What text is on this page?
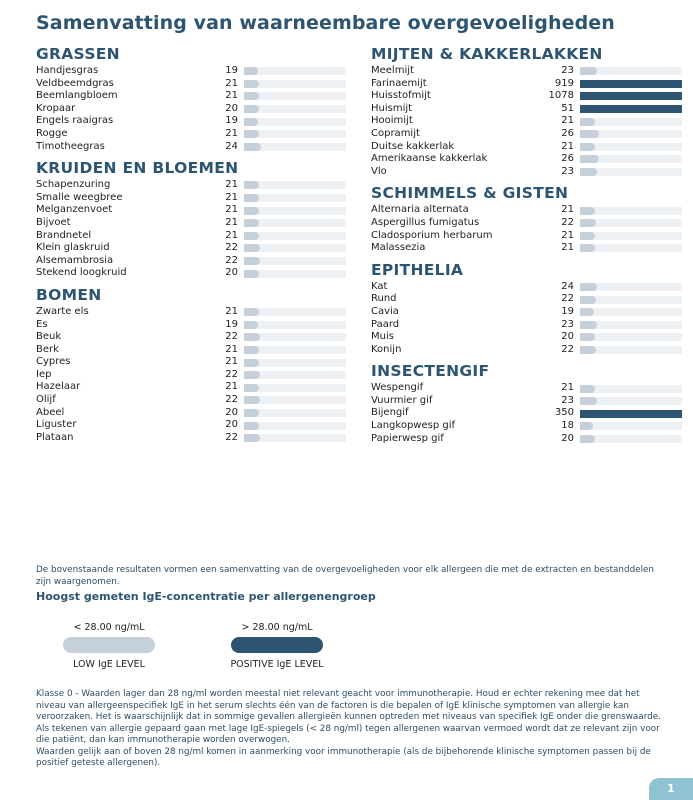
Samenvatting van waarneembare overgevoeligheden
GRASSEN
Handjesgras	19
Veldbeemdgras	21
Beemlangbloem	21
Kropaar	20
Engels raaigras	19
Rogge	21
Timotheegras	24
KRUIDEN EN BLOEMEN
Schapenzuring	21
Smalle weegbree	21
Melganzenvoet	21
Bijvoet	21
Brandnetel	21
Klein glaskruid	22
Alsemambrosia	22
Stekend loogkruid	20
BOMEN
Zwarte els	21
Es	19
Beuk	22
Berk	21
Cypres	21
Iep	22
Hazelaar	21
Olijf	22
Abeel	20
Liguster	20
Plataan	22
MIJTEN & KAKKERLAKKEN
Meelmijt	23
Farinaemijt	919
Huisstofmijt	1078
Huismijt	51
Hooimijt	21
Copramijt	26
Duitse kakkerlak	21
Amerikaanse kakkerlak	26
Vlo	23
SCHIMMELS & GISTEN
Alternaria alternata	21
Aspergillus fumigatus	22
Cladosporium herbarum	21
Malassezia	21
EPITHELIA
Kat	24
Rund	22
Cavia	19
Paard	23
Muis	20
Konijn	22
INSECTENGIF
Wespengif	21
Vuurmier gif	23
Bijengif	350
Langkopwesp gif	18
Papierwesp gif	20
De bovenstaande resultaten vormen een samenvatting van de overgevoeligheden voor elk allergeen die met de extracten en bestanddelen zijn waargenomen.
Hoogst gemeten IgE-concentratie per allergenengroep
< 28.00 ng/mL
LOW IgE LEVEL
> 28.00 ng/mL
POSITIVE IgE LEVEL
Klasse 0 - Waarden lager dan 28 ng/ml worden meestal niet relevant geacht voor immunotherapie. Houd er echter rekening mee dat het niveau van allergeenspecifiek IgE in het serum slechts één van de factoren is die bepalen of IgE klinische symptomen van allergie kan veroorzaken. Het is waarschijnlijk dat in sommige gevallen allergieën kunnen optreden met niveaus van specifiek IgE onder die grenswaarde.
Als tekenen van allergie gepaard gaan met lage IgE-spiegels (< 28 ng/ml) tegen allergenen waarvan vermoed wordt dat ze relevant zijn voor die patiënt, dan kan immunotherapie worden overwogen.
Waarden gelijk aan of boven 28 ng/ml komen in aanmerking voor immunotherapie (als de bijbehorende klinische symptomen passen bij de positief geteste allergenen).
1
